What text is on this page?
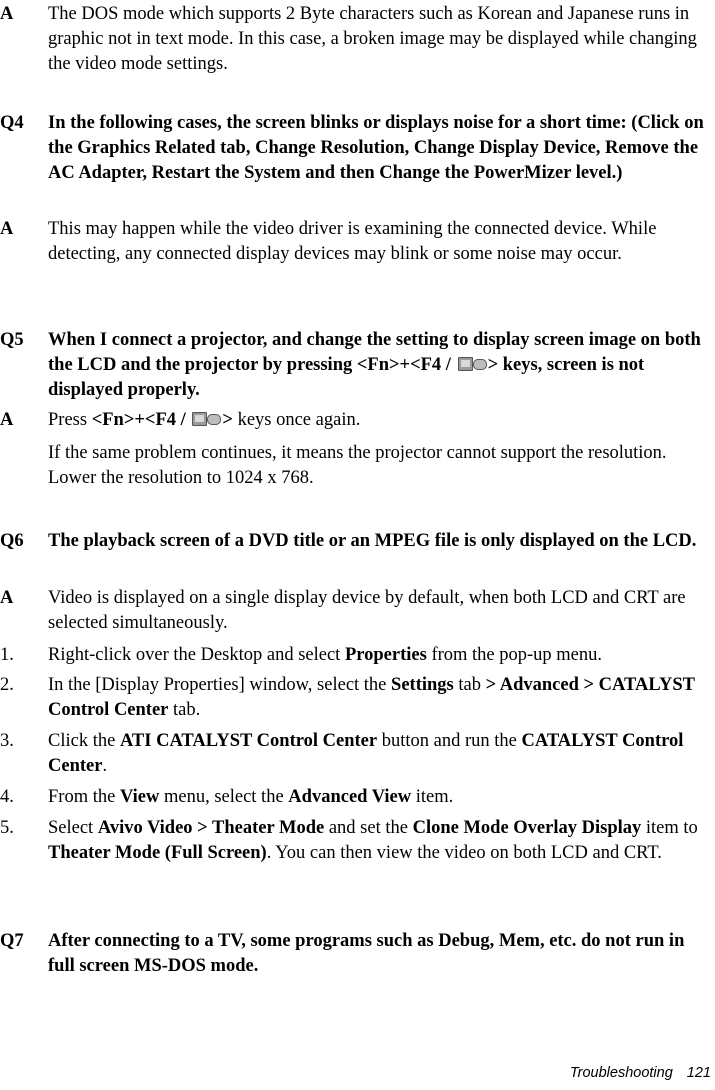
A	The DOS mode which supports 2 Byte characters such as Korean and Japanese runs in graphic not in text mode. In this case, a broken image may be displayed while changing the video mode settings.
Q4	In the following cases, the screen blinks or displays noise for a short time: (Click on the Graphics Related tab, Change Resolution, Change Display Device, Remove the AC Adapter, Restart the System and then Change the PowerMizer level.)
A	This may happen while the video driver is examining the connected device. While detecting, any connected display devices may blink or some noise may occur.
Q5	When I connect a projector, and change the setting to display screen image on both the LCD and the projector by pressing <Fn>+<F4 /
> keys, screen is not displayed properly.
A	Press <Fn>+<F4 /
> keys once again.
If the same problem continues, it means the projector cannot support the resolution. Lower the resolution to 1024 x 768.
Q6	The playback screen of a DVD title or an MPEG file is only displayed on the LCD.
A	Video is displayed on a single display device by default, when both LCD and CRT are selected simultaneously.
1.	Right-click over the Desktop and select Properties from the pop-up menu.
2.	In the [Display Properties] window, select the Settings tab > Advanced > CATALYST Control Center tab.
3.	Click the ATI CATALYST Control Center button and run the CATALYST Control Center.
4.	From the View menu, select the Advanced View item.
5.	Select Avivo Video > Theater Mode and set the Clone Mode Overlay Display item to Theater Mode (Full Screen). You can then view the video on both LCD and CRT.
Q7	After connecting to a TV, some programs such as Debug, Mem, etc. do not run in full screen MS-DOS mode.
Troubleshooting 121
